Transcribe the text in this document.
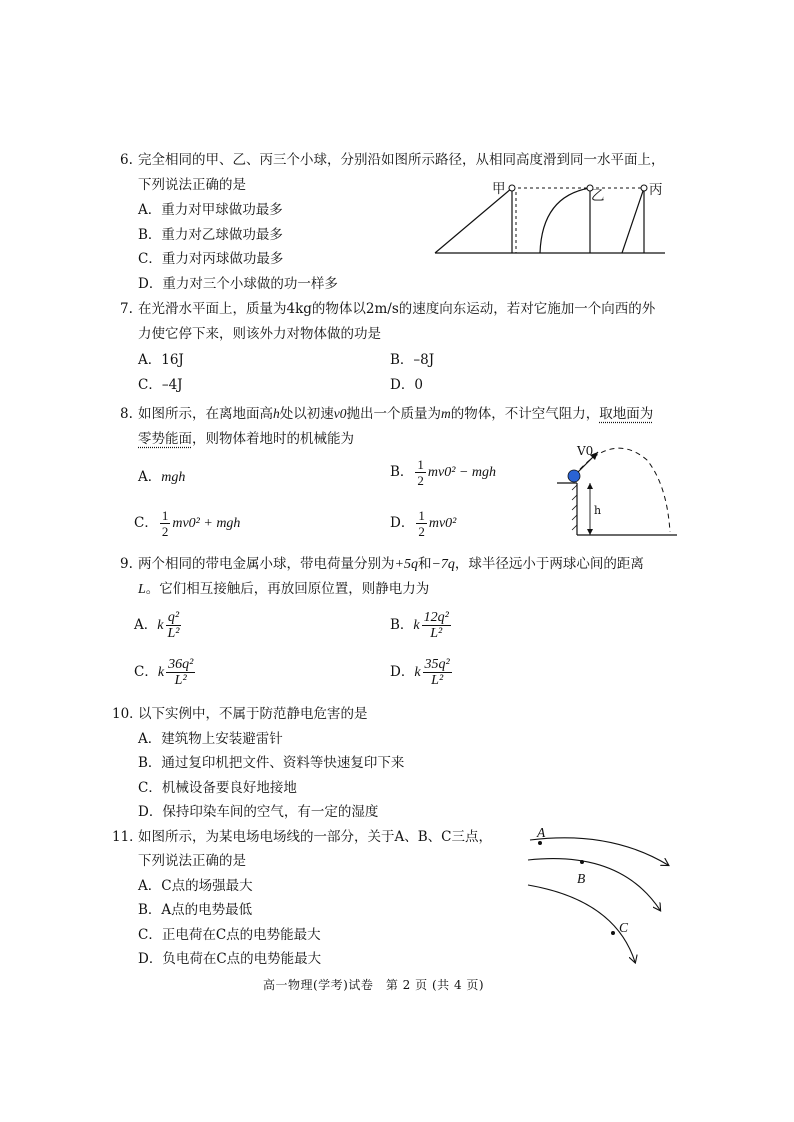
6. 完全相同的甲、乙、丙三个小球，分别沿如图所示路径，从相同高度滑到同一水平面上，
下列说法正确的是
A．重力对甲球做功最多
B．重力对乙球做功最多
C．重力对丙球做功最多
D．重力对三个小球做的功一样多
甲	乙	丙
7. 在光滑水平面上，质量为4kg的物体以2m/s的速度向东运动，若对它施加一个向西的外
力使它停下来，则该外力对物体做的功是
A．16J	B．–8J
C．–4J	D．0
8. 如图所示，在离地面高h处以初速v0抛出一个质量为m的物体，不计空气阻力，取地面为
零势能面，则物体着地时的机械能为
A．mgh	B． $\frac{1}{2} mv0^2$ − mgh
C． $\frac{1}{2} mv0^2$ + mgh	D． $\frac{1}{2} mv0^2$
V0
h
9. 两个相同的带电金属小球，带电荷量分别为+5q和−7q，球半径远小于两球心间的距离
L。它们相互接触后，再放回原位置，则静电力为
A．k $\frac{\text{q²}}{\text{L²}}$	B．k $\frac{\text{12q²}}{\text{L²}}$
C．k $\frac{\text{36q²}}{\text{L²}}$	D．k $\frac{\text{35q²}}{\text{L²}}$
10．
以下实例中，不属于防范静电危害的是
A．建筑物上安装避雷针
B．通过复印机把文件、资料等快速复印下来
C．机械设备要良好地接地
D．保持印染车间的空气，有一定的湿度
11．
如图所示，为某电场电场线的一部分，关于A、B、C三点，
下列说法正确的是
A．C点的场强最大
B．A点的电势最低
C．正电荷在C点的电势能最大
D．负电荷在C点的电势能最大
A
B
C
高一物理(学考)试卷　第 2 页 (共 4 页)
